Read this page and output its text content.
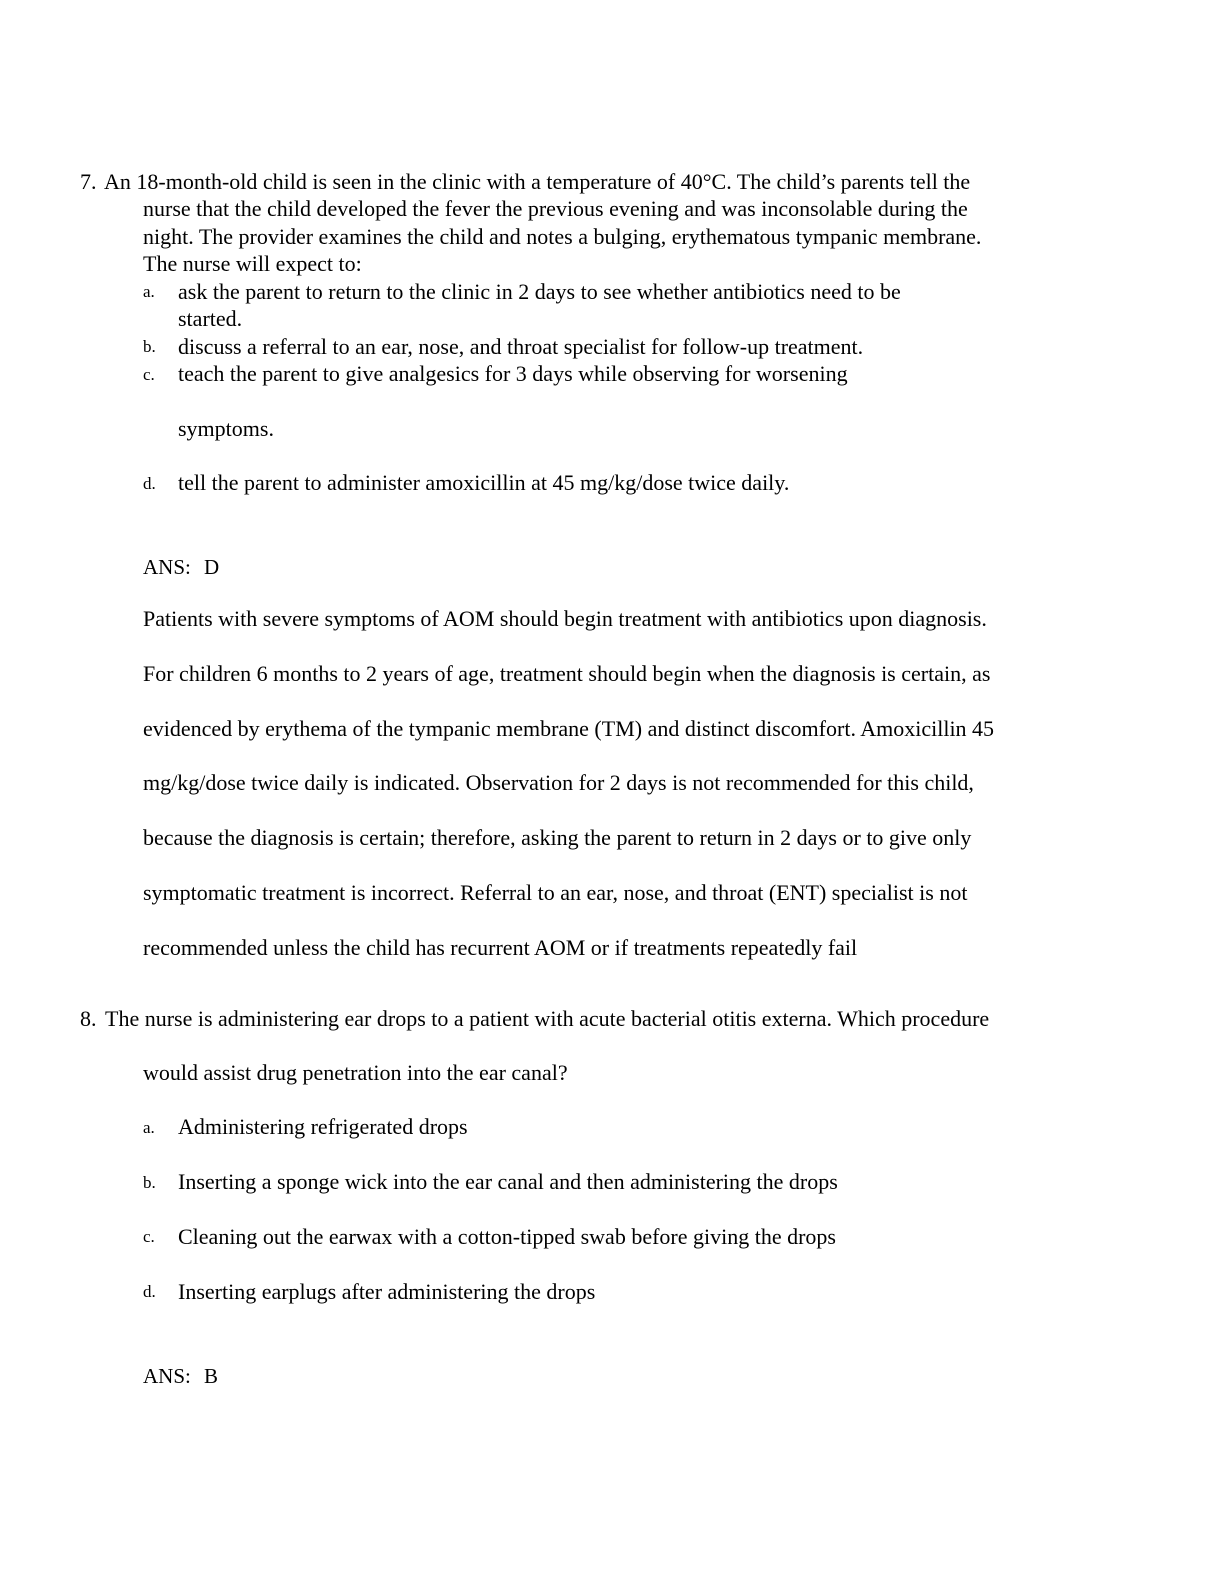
7. An 18-month-old child is seen in the clinic with a temperature of 40°C. The child’s parents tell the
nurse that the child developed the fever the previous evening and was inconsolable during the
night. The provider examines the child and notes a bulging, erythematous tympanic membrane.
The nurse will expect to:
a. ask the parent to return to the clinic in 2 days to see whether antibiotics need to be
started.
b. discuss a referral to an ear, nose, and throat specialist for follow-up treatment.
c. teach the parent to give analgesics for 3 days while observing for worsening
symptoms.
d. tell the parent to administer amoxicillin at 45 mg/kg/dose twice daily.
ANS: D
Patients with severe symptoms of AOM should begin treatment with antibiotics upon diagnosis.
For children 6 months to 2 years of age, treatment should begin when the diagnosis is certain, as
evidenced by erythema of the tympanic membrane (TM) and distinct discomfort. Amoxicillin 45
mg/kg/dose twice daily is indicated. Observation for 2 days is not recommended for this child,
because the diagnosis is certain; therefore, asking the parent to return in 2 days or to give only
symptomatic treatment is incorrect. Referral to an ear, nose, and throat (ENT) specialist is not
recommended unless the child has recurrent AOM or if treatments repeatedly fail
8. The nurse is administering ear drops to a patient with acute bacterial otitis externa. Which procedure
would assist drug penetration into the ear canal?
a. Administering refrigerated drops
b. Inserting a sponge wick into the ear canal and then administering the drops
c. Cleaning out the earwax with a cotton-tipped swab before giving the drops
d. Inserting earplugs after administering the drops
ANS: B
